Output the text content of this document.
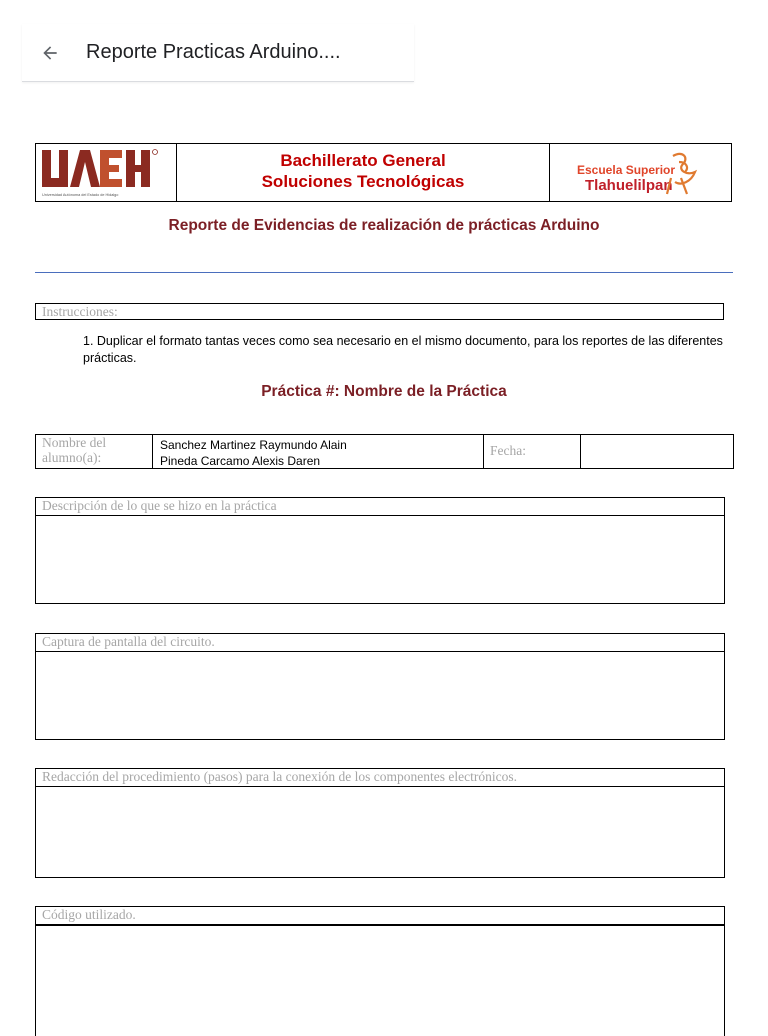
Reporte Practicas Arduino....
Universidad Autónoma del Estado de Hidalgo
Bachillerato General
Soluciones Tecnológicas
Escuela Superior
Tlahuelilpan
Reporte de Evidencias de realización de prácticas Arduino
Instrucciones:
1. Duplicar el formato tantas veces como sea necesario en el mismo documento, para los reportes de las diferentes prácticas.
Práctica #: Nombre de la Práctica
Nombre del alumno(a):
Sanchez Martinez Raymundo Alain
Pineda Carcamo Alexis Daren
Fecha:
Descripción de lo que se hizo en la práctica
Captura de pantalla del circuito.
Redacción del procedimiento (pasos) para la conexión de los componentes electrónicos.
Código utilizado.
